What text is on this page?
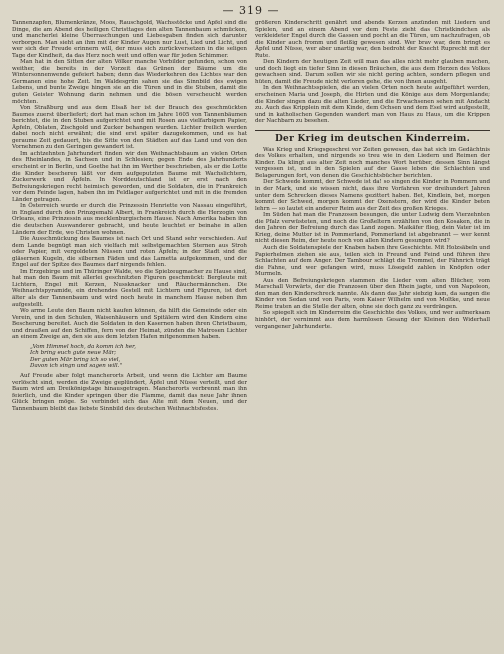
— 319 —

Tannenzapfen, Blumenkränze, Moos, Rauschgold, Wachsstöcke und Äpfel sind die Dinge, die am Abend des heiligen Christtages den alten Tannenbaum schmücken, und mancherlei kleine Überraschungen und Liebesgaben finden sich darunter verborgen. Man sieht an ihm mit der Kinder Augen nur Lust, Lied und Licht, und wer sich der Freude erinnern will, der muss sich zurückversetzen in die seligen Tage der Kindheit, da das Herz noch weit und offen war für jeden Schimmer.

Man hat in den Sitten der alten Völker manche Vorbilder gefunden, schon von weither, die bereits in der Vorzeit das Grünen der Bäume um die Wintersonnenwende gefeiert haben; denn das Wiederkehren des Lichtes war den Germanen eine hohe Zeit. Im Waldesgrün sahen sie das Sinnbild des ewigen Lebens, und bunte Zweige hingen sie an die Türen und in die Stuben, damit die guten Geister Wohnung darin nehmen und die bösen verscheucht werden möchten.

Von Straßburg und aus dem Elsaß her ist der Brauch des geschmückten Baumes zuerst überliefert; dort hat man schon im Jahre 1605 von Tannenbäumen berichtet, die in den Stuben aufgerichtet und mit Rosen aus vielfarbigem Papier, Äpfeln, Oblaten, Zischgold und Zucker behangen wurden. Lichter freilich werden dabei noch nicht erwähnt; die sind erst später dazugekommen, und es hat geraume Zeit gedauert, bis die Sitte von den Städten auf das Land und von den Vornehmen zu den Geringen gewandert ist.

Im achtzehnten Jahrhundert finden wir den Weihnachtsbaum an vielen Orten des Rheinlandes, in Sachsen und in Schlesien; gegen Ende des Jahrhunderts erscheint er in Berlin, und Goethe hat ihn im Werther beschrieben, als er die Lotte die Kinder bescheren läßt vor dem aufgeputzten Baume mit Wachslichtern, Zuckerwerk und Äpfeln. In Norddeutschland ist er erst nach den Befreiungskriegen recht heimisch geworden, und die Soldaten, die in Frankreich vor dem Feinde lagen, haben ihn im Feldlager aufgerichtet und mit in die fremden Länder getragen.

In Österreich wurde er durch die Prinzessin Henriette von Nassau eingeführt, in England durch den Prinzgemahl Albert, in Frankreich durch die Herzogin von Orleans, eine Prinzessin aus mecklenburgischem Hause. Nach Amerika haben ihn die deutschen Auswanderer gebracht, und heute leuchtet er beinahe in allen Ländern der Erde, wo Christen wohnen.

Die Ausschmückung des Baumes ist nach Ort und Stand sehr verschieden. Auf dem Lande begnügt man sich vielfach mit selbstgemachten Sternen aus Stroh oder Papier, mit vergoldeten Nüssen und roten Äpfeln; in der Stadt sind die gläsernen Kugeln, die silbernen Fäden und das Lametta aufgekommen, und der Engel auf der Spitze des Baumes darf nirgends fehlen.

Im Erzgebirge und im Thüringer Walde, wo die Spielzeugmacher zu Hause sind, hat man den Baum mit allerlei geschnitzten Figuren geschmückt: Bergleute mit Lichtern, Engel mit Kerzen, Nussknacker und Räuchermännchen. Die Weihnachtspyramide, ein drehendes Gestell mit Lichtern und Figuren, ist dort älter als der Tannenbaum und wird noch heute in manchem Hause neben ihm aufgestellt.

Wo arme Leute den Baum nicht kaufen können, da hilft die Gemeinde oder ein Verein, und in den Schulen, Waisenhäusern und Spitälern wird den Kindern eine Bescherung bereitet. Auch die Soldaten in den Kasernen haben ihren Christbaum, und draußen auf den Schiffen, fern von der Heimat, zünden die Matrosen Lichter an einem Zweige an, den sie aus dem letzten Hafen mitgenommen haben.

„Vom Himmel hoch, da komm ich her,
Ich bring euch gute neue Mär;
Der guten Mär bring ich so viel,
Davon ich singn und sagen will."

Auf Freude aber folgt mancherorts Arbeit, und wenn die Lichter am Baume verlöscht sind, werden die Zweige geplündert, Äpfel und Nüsse verteilt, und der Baum wird am Dreikönigstage hinausgetragen. Mancherorts verbrennt man ihn feierlich, und die Kinder springen über die Flamme, damit das neue Jahr ihnen Glück bringen möge. So verbindet sich das Alte mit dem Neuen, und der Tannenbaum bleibt das liebste Sinnbild des deutschen Weihnachtsfestes.

größeren Kinderschritt genährt und abends Kerzen anzünden mit Liedern und Spielen, und an einem Abend vor dem Feste zieht das Christkindchen als verkleideter Engel durch die Gassen und pocht an die Türen, um nachzufragen, ob die Kinder auch fromm und fleißig gewesen sind. Wer brav war, dem bringt es Äpfel und Nüsse, wer aber unartig war, den bedroht der Knecht Ruprecht mit der Rute.

Den Kindern der heutigen Zeit will man das alles nicht mehr glauben machen, und doch liegt ein tiefer Sinn in diesen Bräuchen, die aus dem Herzen des Volkes gewachsen sind. Darum sollen wir sie nicht gering achten, sondern pflegen und hüten, damit die Freude nicht verloren gehe, die von ihnen ausgeht.

In den Weihnachtsspielen, die an vielen Orten noch heute aufgeführt werden, erscheinen Maria und Joseph, die Hirten und die Könige aus dem Morgenlande; die Kinder singen dazu die alten Lieder, und die Erwachsenen sehen mit Andacht zu. Auch das Kripplein mit dem Kinde, dem Ochsen und dem Esel wird aufgestellt, und in katholischen Gegenden wandert man von Haus zu Haus, um die Krippen der Nachbarn zu besehen.

Der Krieg im deutschen Kinderreim.

Was Krieg und Kriegsgeschrei vor Zeiten gewesen, das hat sich im Gedächtnis des Volkes erhalten, und nirgends so treu wie in den Liedern und Reimen der Kinder. Da klingt aus alter Zeit noch manches Wort herüber, dessen Sinn längst vergessen ist, und in den Spielen auf der Gasse leben die Schlachten und Belagerungen fort, von denen die Geschichtsbücher berichten.

Der Schwede kommt, der Schwede ist da! so singen die Kinder in Pommern und in der Mark, und sie wissen nicht, dass ihre Vorfahren vor dreihundert Jahren unter dem Schrecken dieses Namens gezittert haben. Bet, Kindlein, bet, morgen kommt der Schwed, morgen kommt der Oxenstern, der wird die Kinder beten lehrn — so lautet ein anderer Reim aus der Zeit des großen Krieges.

Im Süden hat man die Franzosen besungen, die unter Ludwig dem Vierzehnten die Pfalz verwüsteten, und noch die Großeltern erzählten von den Kosaken, die in den Jahren der Befreiung durch das Land zogen. Maikäfer flieg, dein Vater ist im Krieg, deine Mutter ist in Pommerland, Pommerland ist abgebrannt — wer kennt nicht diesen Reim, der heute noch von allen Kindern gesungen wird?

Auch die Soldatenspiele der Knaben haben ihre Geschichte. Mit Holzsäbeln und Papierhelmen ziehen sie aus, teilen sich in Freund und Feind und führen ihre Schlachten auf dem Anger. Der Tambour schlägt die Trommel, der Fähnrich trägt die Fahne, und wer gefangen wird, muss Lösegeld zahlen in Knöpfen oder Murmeln.

Aus den Befreiungskriegen stammen die Lieder vom alten Blücher, vom Marschall Vorwärts, der die Franzosen über den Rhein jagte, und von Napoleon, den man den Kinderschreck nannte. Als dann das Jahr siebzig kam, da sangen die Kinder von Sedan und von Paris, vom Kaiser Wilhelm und von Moltke, und neue Reime traten an die Stelle der alten, ohne sie doch ganz zu verdrängen.

So spiegelt sich im Kinderreim die Geschichte des Volkes, und wer aufmerksam hinhört, der vernimmt aus dem harmlosen Gesang der Kleinen den Widerhall vergangener Jahrhunderte.
